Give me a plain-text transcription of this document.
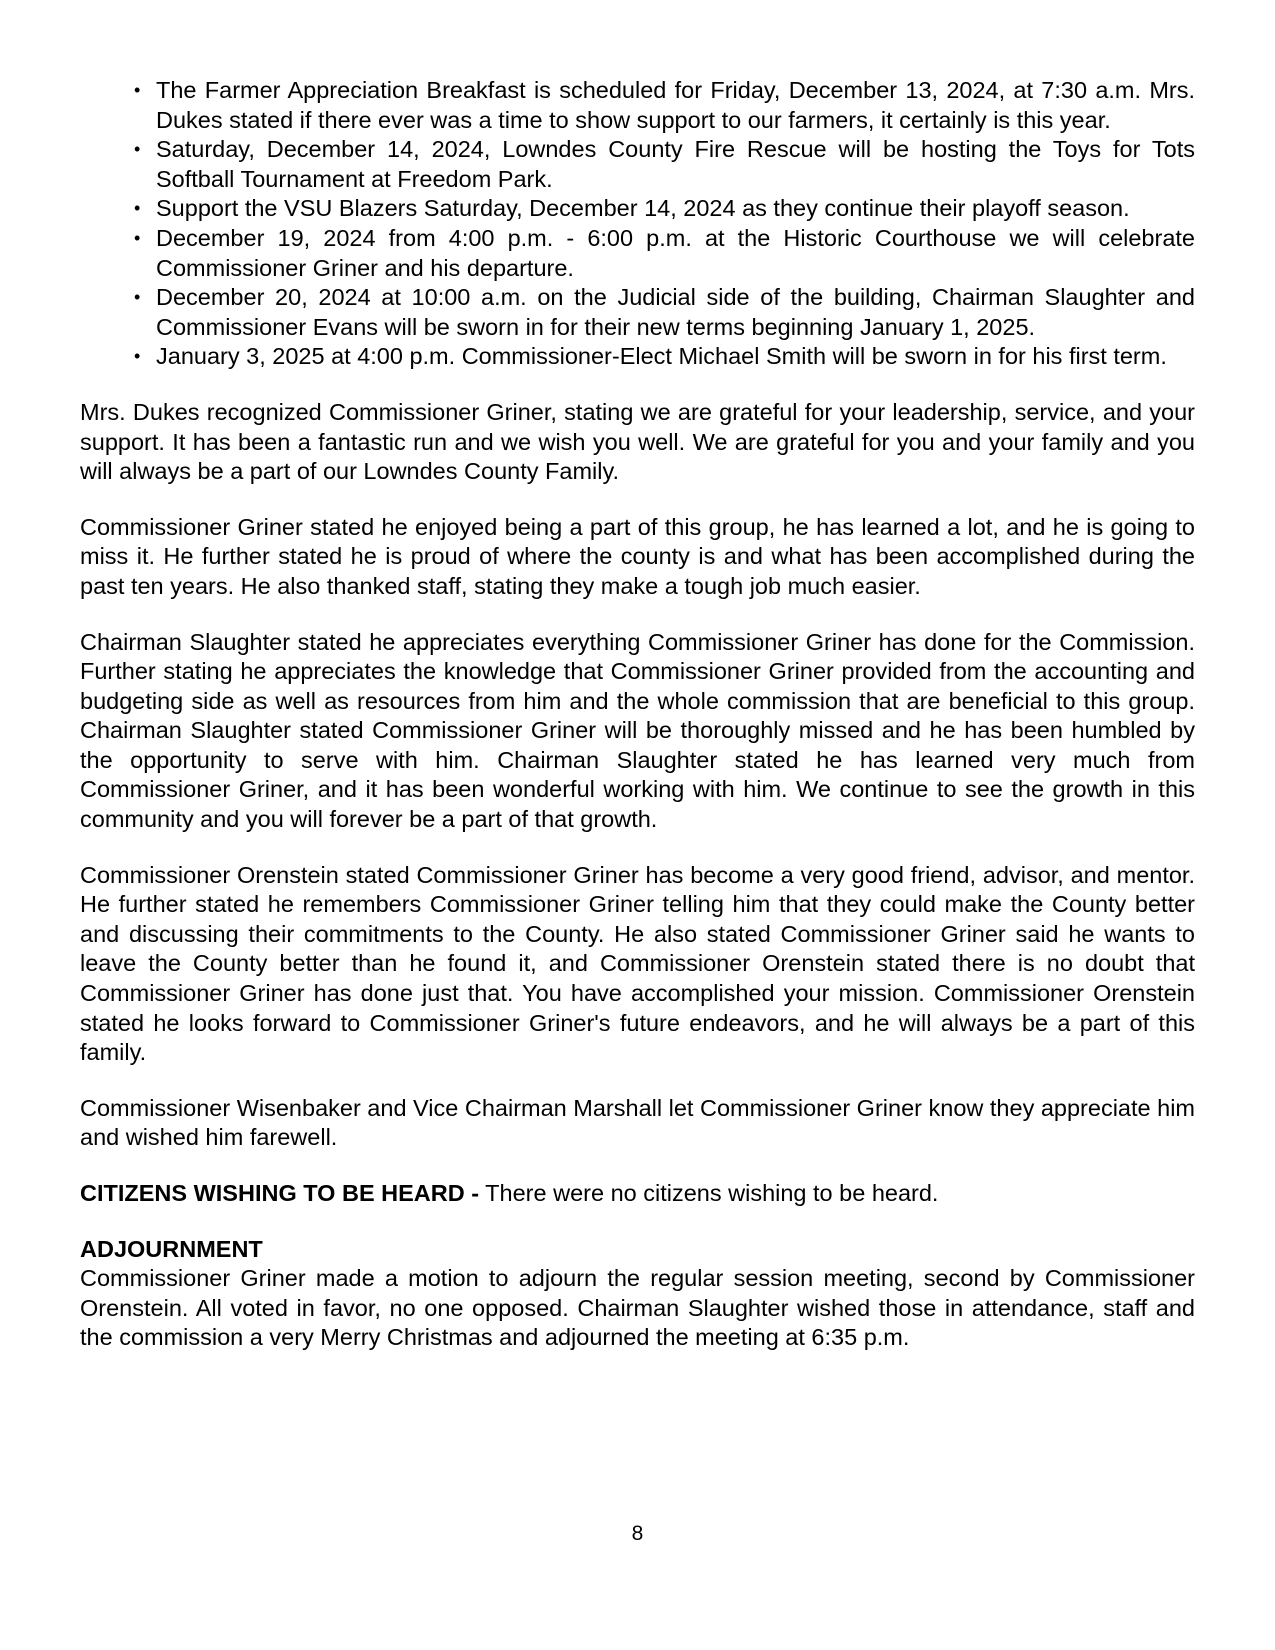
• The Farmer Appreciation Breakfast is scheduled for Friday, December 13, 2024, at 7:30 a.m. Mrs. Dukes stated if there ever was a time to show support to our farmers, it certainly is this year.
• Saturday, December 14, 2024, Lowndes County Fire Rescue will be hosting the Toys for Tots Softball Tournament at Freedom Park.
• Support the VSU Blazers Saturday, December 14, 2024 as they continue their playoff season.
• December 19, 2024 from 4:00 p.m. - 6:00 p.m. at the Historic Courthouse we will celebrate Commissioner Griner and his departure.
• December 20, 2024 at 10:00 a.m. on the Judicial side of the building, Chairman Slaughter and Commissioner Evans will be sworn in for their new terms beginning January 1, 2025.
• January 3, 2025 at 4:00 p.m. Commissioner-Elect Michael Smith will be sworn in for his first term.

Mrs. Dukes recognized Commissioner Griner, stating we are grateful for your leadership, service, and your support. It has been a fantastic run and we wish you well. We are grateful for you and your family and you will always be a part of our Lowndes County Family.

Commissioner Griner stated he enjoyed being a part of this group, he has learned a lot, and he is going to miss it. He further stated he is proud of where the county is and what has been accomplished during the past ten years. He also thanked staff, stating they make a tough job much easier.

Chairman Slaughter stated he appreciates everything Commissioner Griner has done for the Commission. Further stating he appreciates the knowledge that Commissioner Griner provided from the accounting and budgeting side as well as resources from him and the whole commission that are beneficial to this group. Chairman Slaughter stated Commissioner Griner will be thoroughly missed and he has been humbled by the opportunity to serve with him. Chairman Slaughter stated he has learned very much from Commissioner Griner, and it has been wonderful working with him. We continue to see the growth in this community and you will forever be a part of that growth.

Commissioner Orenstein stated Commissioner Griner has become a very good friend, advisor, and mentor. He further stated he remembers Commissioner Griner telling him that they could make the County better and discussing their commitments to the County. He also stated Commissioner Griner said he wants to leave the County better than he found it, and Commissioner Orenstein stated there is no doubt that Commissioner Griner has done just that. You have accomplished your mission. Commissioner Orenstein stated he looks forward to Commissioner Griner's future endeavors, and he will always be a part of this family.

Commissioner Wisenbaker and Vice Chairman Marshall let Commissioner Griner know they appreciate him and wished him farewell.

CITIZENS WISHING TO BE HEARD - There were no citizens wishing to be heard.

ADJOURNMENT

Commissioner Griner made a motion to adjourn the regular session meeting, second by Commissioner Orenstein. All voted in favor, no one opposed. Chairman Slaughter wished those in attendance, staff and the commission a very Merry Christmas and adjourned the meeting at 6:35 p.m.

8
